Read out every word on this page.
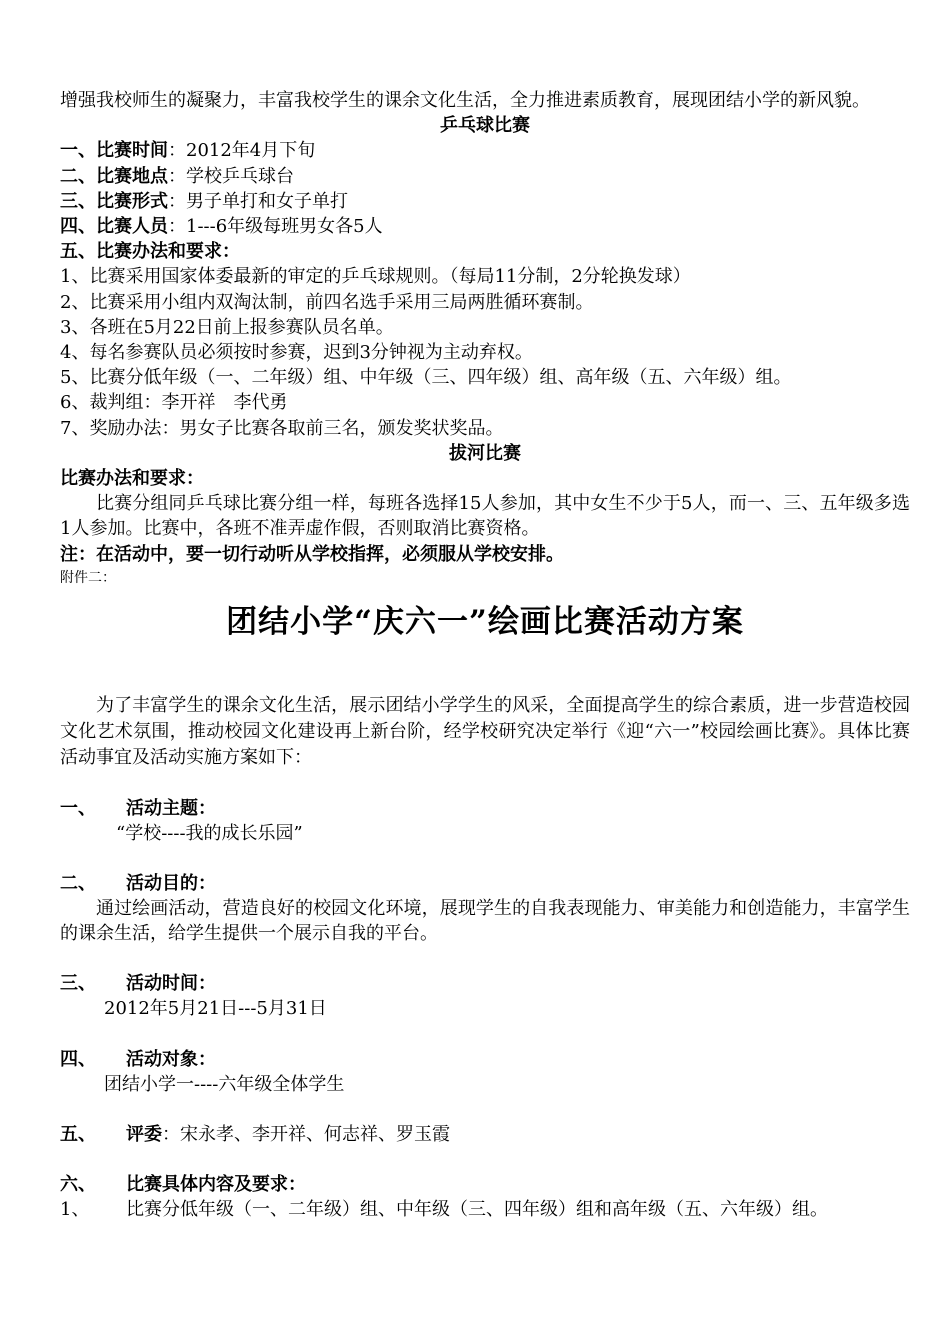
增强我校师生的凝聚力，丰富我校学生的课余文化生活，全力推进素质教育，展现团结小学的新风貌。
乒乓球比赛
一、比赛时间：2012年4月下旬
二、比赛地点：学校乒乓球台
三、比赛形式：男子单打和女子单打
四、比赛人员：1---6年级每班男女各5人
五、比赛办法和要求：
1、比赛采用国家体委最新的审定的乒乓球规则。（每局11分制，2分轮换发球）
2、比赛采用小组内双淘汰制，前四名选手采用三局两胜循环赛制。
3、各班在5月22日前上报参赛队员名单。
4、每名参赛队员必须按时参赛，迟到3分钟视为主动弃权。
5、比赛分低年级（一、二年级）组、中年级（三、四年级）组、高年级（五、六年级）组。
6、裁判组：李开祥　李代勇
7、奖励办法：男女子比赛各取前三名，颁发奖状奖品。
拔河比赛
比赛办法和要求：
比赛分组同乒乓球比赛分组一样，每班各选择15人参加，其中女生不少于5人，而一、三、五年级多选1人参加。比赛中，各班不准弄虚作假，否则取消比赛资格。
注：在活动中，要一切行动听从学校指挥，必须服从学校安排。
附件二：
团结小学“庆六一”绘画比赛活动方案
为了丰富学生的课余文化生活，展示团结小学学生的风采，全面提高学生的综合素质，进一步营造校园文化艺术氛围，推动校园文化建设再上新台阶，经学校研究决定举行《迎“六一”校园绘画比赛》。具体比赛活动事宜及活动实施方案如下：
一、	活动主题：
“学校----我的成长乐园”
二、	活动目的：
通过绘画活动，营造良好的校园文化环境，展现学生的自我表现能力、审美能力和创造能力，丰富学生的课余生活，给学生提供一个展示自我的平台。
三、	活动时间：
2012年5月21日---5月31日
四、	活动对象：
团结小学一----六年级全体学生
五、	评委 ：宋永孝、李开祥、何志祥、罗玉霞
六、	比赛具体内容及要求：
1、	比赛分低年级（一、二年级）组、中年级（三、四年级）组和高年级（五、六年级）组。
